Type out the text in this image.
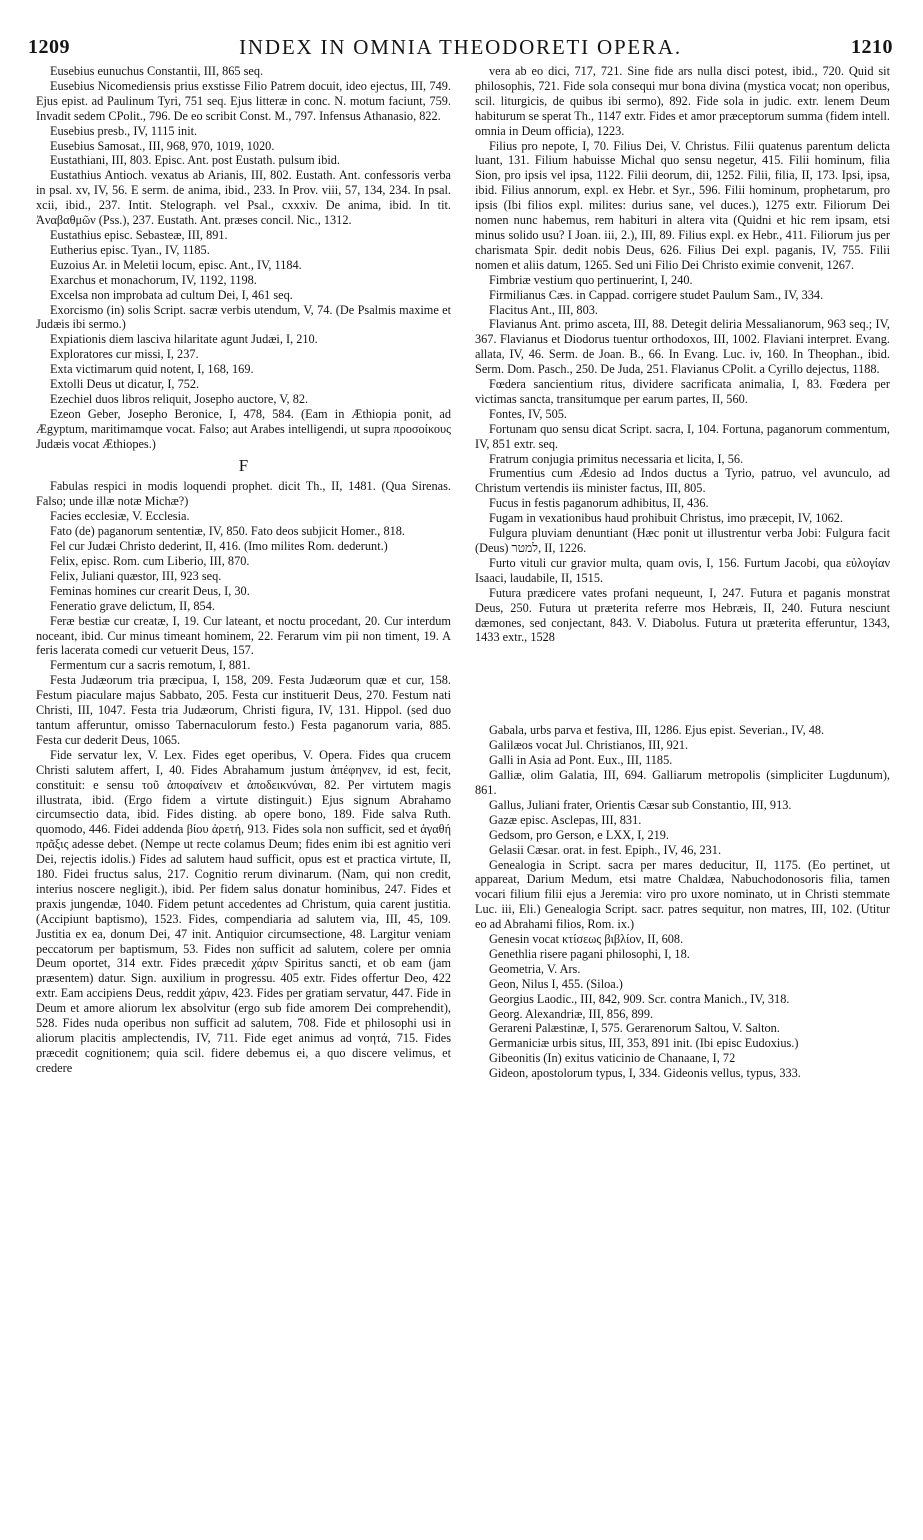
1209	INDEX IN OMNIA THEODORETI OPERA.	1210

Eusebius eunuchus Constantii, III, 865 seq.

Eusebius Nicomediensis prius exstisse Filio Patrem docuit, ideo ejectus, III, 749. Ejus epist. ad Paulinum Tyri, 751 seq. Ejus litteræ in conc. N. motum faciunt, 759. Invadit sedem CPolit., 796. De eo scribit Const. M., 797. Infensus Athanasio, 822.

Eusebius presb., IV, 1115 init.

Eusebius Samosat., III, 968, 970, 1019, 1020.

Eustathiani, III, 803. Episc. Ant. post Eustath. pulsum ibid.

Eustathius Antioch. vexatus ab Arianis, III, 802. Eustath. Ant. confessoris verba in psal. xv, IV, 56. E serm. de anima, ibid., 233. In Prov. viii, 57, 134, 234. In psal. xcii, ibid., 237. Intit. Stelograph. vel Psal., cxxxiv. De anima, ibid. In tit. Ἀναβαθμῶν (Pss.), 237. Eustath. Ant. præses concil. Nic., 1312.

Eustathius episc. Sebasteæ, III, 891.

Eutherius episc. Tyan., IV, 1185.

Euzoius Ar. in Meletii locum, episc. Ant., IV, 1184.

Exarchus et monachorum, IV, 1192, 1198.

Excelsa non improbata ad cultum Dei, I, 461 seq.

Exorcismo (in) solis Script. sacræ verbis utendum, V, 74. (De Psalmis maxime et Judæis ibi sermo.)

Expiationis diem lasciva hilaritate agunt Judæi, I, 210.

Exploratores cur missi, I, 237.

Exta victimarum quid notent, I, 168, 169.

Extolli Deus ut dicatur, I, 752.

Ezechiel duos libros reliquit, Josepho auctore, V, 82.

Ezeon Geber, Josepho Beronice, I, 478, 584. (Eam in Æthiopia ponit, ad Ægyptum, maritimamque vocat. Falso; aut Arabes intelligendi, ut supra προσοίκους Judæis vocat Æthiopes.)

F

Fabulas respici in modis loquendi prophet. dicit Th., II, 1481. (Qua Sirenas. Falso; unde illæ notæ Michæ?)

Facies ecclesiæ, V. Ecclesia.

Fato (de) paganorum sententiæ, IV, 850. Fato deos subjicit Homer., 818.

Fel cur Judæi Christo dederint, II, 416. (Imo milites Rom. dederunt.)

Felix, episc. Rom. cum Liberio, III, 870.

Felix, Juliani quæstor, III, 923 seq.

Feminas homines cur crearit Deus, I, 30.

Feneratio grave delictum, II, 854.

Feræ bestiæ cur creatæ, I, 19. Cur lateant, et noctu procedant, 20. Cur interdum noceant, ibid. Cur minus timeant hominem, 22. Ferarum vim pii non timent, 19. A feris lacerata comedi cur vetuerit Deus, 157.

Fermentum cur a sacris remotum, I, 881.

Festa Judæorum tria præcipua, I, 158, 209. Festa Judæorum quæ et cur, 158. Festum piaculare majus Sabbato, 205. Festa cur instituerit Deus, 270. Festum nati Christi, III, 1047. Festa tria Judæorum, Christi figura, IV, 131. Hippol. (sed duo tantum afferuntur, omisso Tabernaculorum festo.) Festa paganorum varia, 885. Festa cur dederit Deus, 1065.

Fide servatur lex, V. Lex. Fides eget operibus, V. Opera. Fides qua crucem Christi salutem affert, I, 40. Fides Abrahamum justum ἀπέφηνεν, id est, fecit, constituit: e sensu τοῦ ἀποφαίνειν et ἀποδεικνύναι, 82. Per virtutem magis illustrata, ibid. (Ergo fidem a virtute distinguit.) Ejus signum Abrahamo circumsectio data, ibid. Fides disting. ab opere bono, 189. Fide salva Ruth. quomodo, 446. Fidei addenda βίου ἀρετή, 913. Fides sola non sufficit, sed et ἀγαθή πρᾶξις adesse debet. (Nempe ut recte colamus Deum; fides enim ibi est agnitio veri Dei, rejectis idolis.) Fides ad salutem haud sufficit, opus est et practica virtute, II, 180. Fidei fructus salus, 217. Cognitio rerum divinarum. (Nam, qui non credit, interius noscere negligit.), ibid. Per fidem salus donatur hominibus, 247. Fides et praxis jungendæ, 1040. Fidem petunt accedentes ad Christum, quia carent justitia. (Accipiunt baptismo), 1523. Fides, compendiaria ad salutem via, III, 45, 109. Justitia ex ea, donum Dei, 47 init. Antiquior circumsectione, 48. Largitur veniam peccatorum per baptismum, 53. Fides non sufficit ad salutem, colere per omnia Deum oportet, 314 extr. Fides præcedit χάριν Spiritus sancti, et ob eam (jam præsentem) datur. Sign. auxilium in progressu. 405 extr. Fides offertur Deo, 422 extr. Eam accipiens Deus, reddit χάριν, 423. Fides per gratiam servatur, 447. Fide in Deum et amore aliorum lex absolvitur (ergo sub fide amorem Dei comprehendit), 528. Fides nuda operibus non sufficit ad salutem, 708. Fide et philosophi usi in aliorum placitis amplectendis, IV, 711. Fide eget animus ad νοητά, 715. Fides præcedit cognitionem; quia scil. fidere debemus ei, a quo discere velimus, et credere

vera ab eo dici, 717, 721. Sine fide ars nulla disci potest, ibid., 720. Quid sit philosophis, 721. Fide sola consequi mur bona divina (mystica vocat; non operibus, scil. liturgicis, de quibus ibi sermo), 892. Fide sola in judic. extr. lenem Deum habiturum se sperat Th., 1147 extr. Fides et amor præceptorum summa (fidem intell. omnia in Deum officia), 1223.

Filius pro nepote, I, 70. Filius Dei, V. Christus. Filii quatenus parentum delicta luant, 131. Filium habuisse Michal quo sensu negetur, 415. Filii hominum, filia Sion, pro ipsis vel ipsa, 1122. Filii deorum, dii, 1252. Filii, filia, II, 173. Ipsi, ipsa, ibid. Filius annorum, expl. ex Hebr. et Syr., 596. Filii hominum, prophetarum, pro ipsis (Ibi filios expl. milites: durius sane, vel duces.), 1275 extr. Filiorum Dei nomen nunc habemus, rem habituri in altera vita (Quidni et hic rem ipsam, etsi minus solido usu? I Joan. iii, 2.), III, 89. Filius expl. ex Hebr., 411. Filiorum jus per charismata Spir. dedit nobis Deus, 626. Filius Dei expl. paganis, IV, 755. Filii nomen et aliis datum, 1265. Sed uni Filio Dei Christo eximie convenit, 1267.

Fimbriæ vestium quo pertinuerint, I, 240.

Firmilianus Cæs. in Cappad. corrigere studet Paulum Sam., IV, 334.

Flacitus Ant., III, 803.

Flavianus Ant. primo asceta, III, 88. Detegit deliria Messalianorum, 963 seq.; IV, 367. Flavianus et Diodorus tuentur orthodoxos, III, 1002. Flaviani interpret. Evang. allata, IV, 46. Serm. de Joan. B., 66. In Evang. Luc. iv, 160. In Theophan., ibid. Serm. Dom. Pasch., 250. De Juda, 251. Flavianus CPolit. a Cyrillo dejectus, 1188.

Fœdera sancientium ritus, dividere sacrificata animalia, I, 83. Fœdera per victimas sancta, transitumque per earum partes, II, 560.

Fontes, IV, 505.

Fortunam quo sensu dicat Script. sacra, I, 104. Fortuna, paganorum commentum, IV, 851 extr. seq.

Fratrum conjugia primitus necessaria et licita, I, 56.

Frumentius cum Ædesio ad Indos ductus a Tyrio, patruo, vel avunculo, ad Christum vertendis iis minister factus, III, 805.

Fucus in festis paganorum adhibitus, II, 436.

Fugam in vexationibus haud prohibuit Christus, imo præcepit, IV, 1062.

Fulgura pluviam denuntiant (Hæc ponit ut illustrentur verba Jobi: Fulgura facit (Deus) למטר, II, 1226.

Furto vituli cur gravior multa, quam ovis, I, 156. Furtum Jacobi, qua εὐλογίαν Isaaci, laudabile, II, 1515.

Futura prædicere vates profani nequeunt, I, 247. Futura et paganis monstrat Deus, 250. Futura ut præterita referre mos Hebræis, II, 240. Futura nesciunt dæmones, sed conjectant, 843. V. Diabolus. Futura ut præterita efferuntur, 1343, 1433 extr., 1528

Gabala, urbs parva et festiva, III, 1286. Ejus epist. Severian., IV, 48.

Galilæos vocat Jul. Christianos, III, 921.

Galli in Asia ad Pont. Eux., III, 1185.

Galliæ, olim Galatia, III, 694. Galliarum metropolis (simpliciter Lugdunum), 861.

Gallus, Juliani frater, Orientis Cæsar sub Constantio, III, 913.

Gazæ episc. Asclepas, III, 831.

Gedsom, pro Gerson, e LXX, I, 219.

Gelasii Cæsar. orat. in fest. Epiph., IV, 46, 231.

Genealogia in Script. sacra per mares deducitur, II, 1175. (Eo pertinet, ut appareat, Darium Medum, etsi matre Chaldæa, Nabuchodonosoris filia, tamen vocari filium filii ejus a Jeremia: viro pro uxore nominato, ut in Christi stemmate Luc. iii, Eli.) Genealogia Script. sacr. patres sequitur, non matres, III, 102. (Utitur eo ad Abrahami filios, Rom. ix.)

Genesin vocat κτίσεως βιβλίον, II, 608.

Genethlia risere pagani philosophi, I, 18.

Geometria, V. Ars.

Geon, Nilus I, 455. (Siloa.)

Georgius Laodic., III, 842, 909. Scr. contra Manich., IV, 318.

Georg. Alexandriæ, III, 856, 899.

Gerareni Palæstinæ, I, 575. Gerarenorum Saltou, V. Salton.

Germaniciæ urbis situs, III, 353, 891 init. (Ibi episc Eudoxius.)

Gibeonitis (In) exitus vaticinio de Chanaane, I, 72

Gideon, apostolorum typus, I, 334. Gideonis vellus, typus, 333.
